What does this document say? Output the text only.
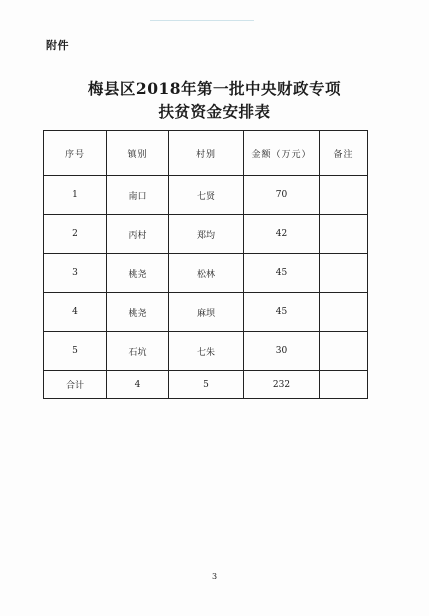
附件
梅县区2018年第一批中央财政专项
扶贫资金安排表
序号	镇别	村别	金额（万元）	备注
1	南口	七贤	70	
2	丙村	郑均	42	
3	桃尧	松林	45	
4	桃尧	麻坝	45	
5	石坑	七朱	30	
合计	4	5	232	
3
